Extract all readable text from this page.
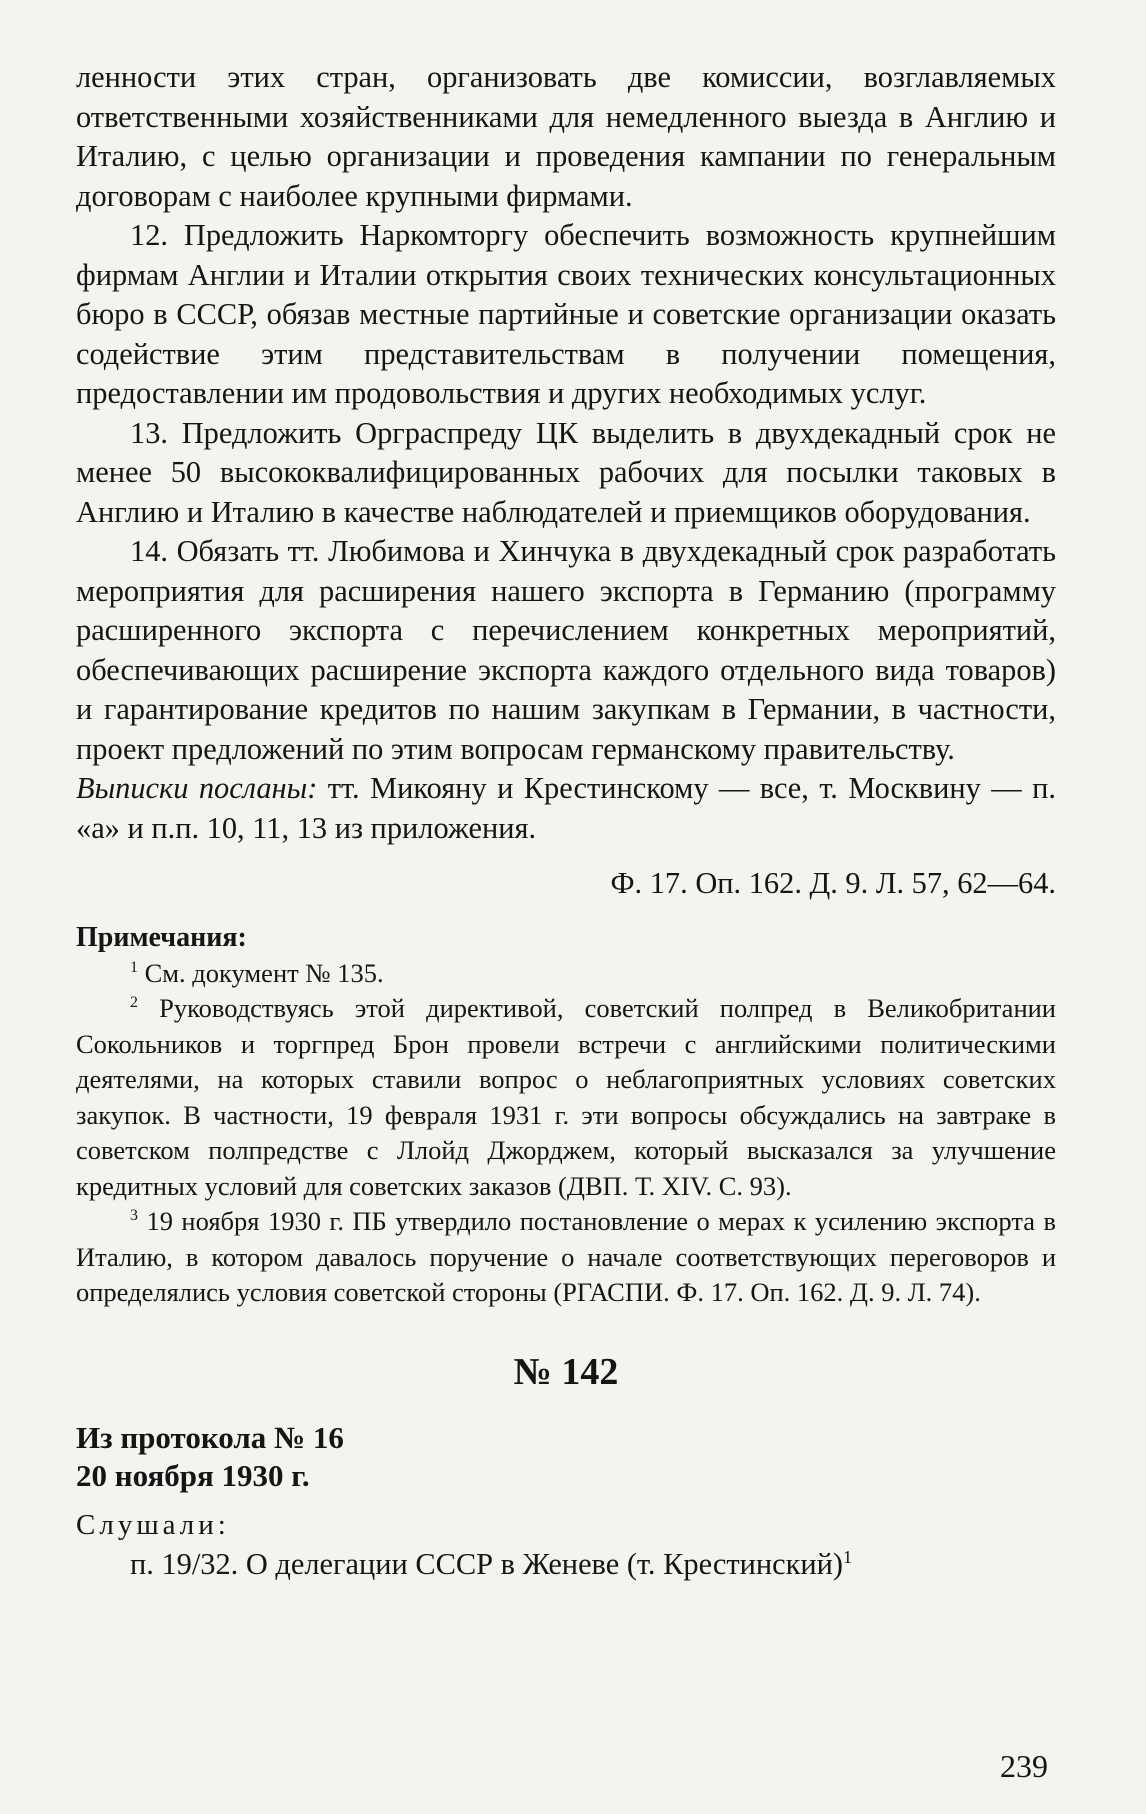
ленности этих стран, организовать две комиссии, возглавляемых ответственными хозяйственниками для немедленного выезда в Англию и Италию, с целью организации и проведения кампании по генеральным договорам с наиболее крупными фирмами.

12. Предложить Наркомторгу обеспечить возможность крупнейшим фирмам Англии и Италии открытия своих технических консультационных бюро в СССР, обязав местные партийные и советские организации оказать содействие этим представительствам в получении помещения, предоставлении им продовольствия и других необходимых услуг.

13. Предложить Орграспреду ЦК выделить в двухдекадный срок не менее 50 высококвалифицированных рабочих для посылки таковых в Англию и Италию в качестве наблюдателей и приемщиков оборудования.

14. Обязать тт. Любимова и Хинчука в двухдекадный срок разработать мероприятия для расширения нашего экспорта в Германию (программу расширенного экспорта с перечислением конкретных мероприятий, обеспечивающих расширение экспорта каждого отдельного вида товаров) и гарантирование кредитов по нашим закупкам в Германии, в частности, проект предложений по этим вопросам германскому правительству.

Выписки посланы: тт. Микояну и Крестинскому — все, т. Москвину — п. «а» и п.п. 10, 11, 13 из приложения.

Ф. 17. Оп. 162. Д. 9. Л. 57, 62—64.

Примечания:

$^1$ См. документ № 135.

$^2$ Руководствуясь этой директивой, советский полпред в Великобритании Сокольников и торгпред Брон провели встречи с английскими политическими деятелями, на которых ставили вопрос о неблагоприятных условиях советских закупок. В частности, 19 февраля 1931 г. эти вопросы обсуждались на завтраке в советском полпредстве с Ллойд Джорджем, который высказался за улучшение кредитных условий для советских заказов (ДВП. Т. XIV. С. 93).

$^3$ 19 ноября 1930 г. ПБ утвердило постановление о мерах к усилению экспорта в Италию, в котором давалось поручение о начале соответствующих переговоров и определялись условия советской стороны (РГАСПИ. Ф. 17. Оп. 162. Д. 9. Л. 74).

№ 142

Из протокола № 16
20 ноября 1930 г.

Слушали:

п. 19/32. О делегации СССР в Женеве (т. Крестинский)$^1$

239
